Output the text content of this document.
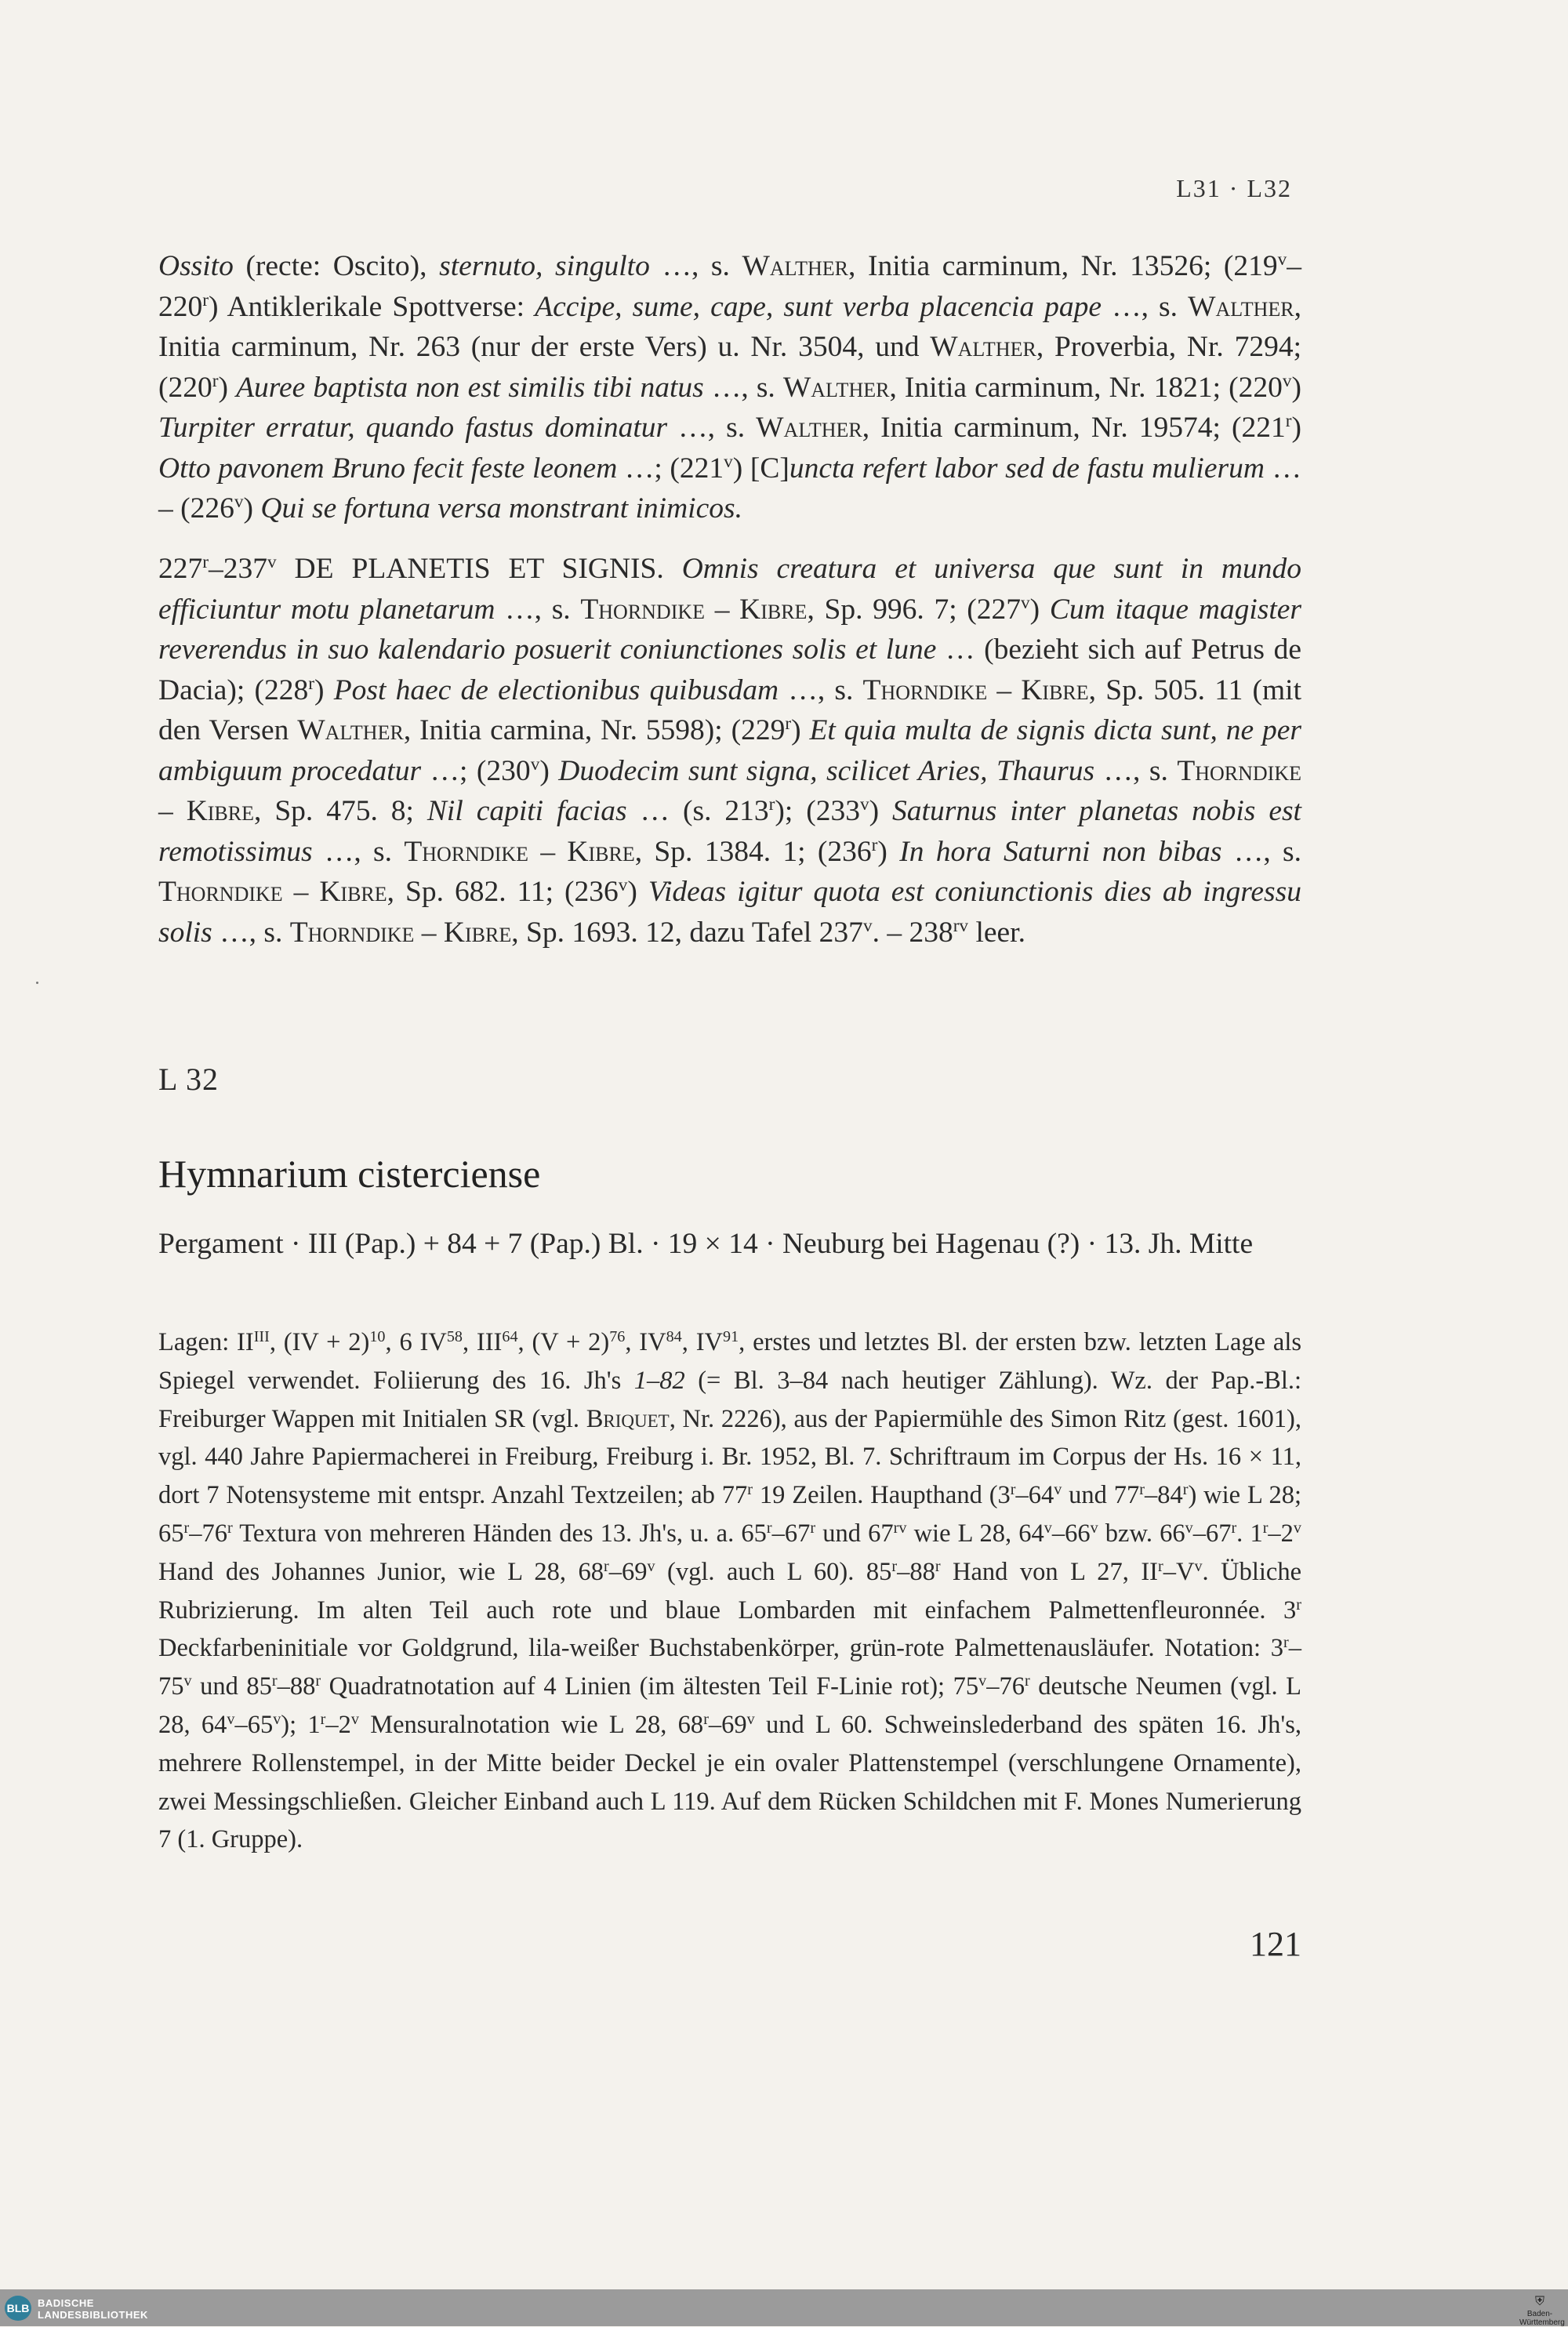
L31 · L32

Ossito (recte: Oscito), sternuto, singulto …, s. Walther, Initia carminum, Nr. 13526; (219$^v$–220$^r$) Antiklerikale Spottverse: Accipe, sume, cape, sunt verba placencia pape …, s. Walther, Initia carminum, Nr. 263 (nur der erste Vers) u. Nr. 3504, und Walther, Proverbia, Nr. 7294; (220$^r$) Auree baptista non est similis tibi natus …, s. Walther, Initia carminum, Nr. 1821; (220$^v$) Turpiter erratur, quando fastus dominatur …, s. Walther, Initia carminum, Nr. 19574; (221$^r$) Otto pavonem Bruno fecit feste leonem …; (221$^v$) [C]uncta refert labor sed de fastu mulierum … – (226$^v$) Qui se fortuna versa monstrant inimicos.

227$^r$–237$^v$ DE PLANETIS ET SIGNIS. Omnis creatura et universa que sunt in mundo efficiuntur motu planetarum …, s. Thorndike – Kibre, Sp. 996. 7; (227$^v$) Cum itaque magister reverendus in suo kalendario posuerit coniunctiones solis et lune … (bezieht sich auf Petrus de Dacia); (228$^r$) Post haec de electionibus quibusdam …, s. Thorndike – Kibre, Sp. 505. 11 (mit den Versen Walther, Initia carmina, Nr. 5598); (229$^r$) Et quia multa de signis dicta sunt, ne per ambiguum procedatur …; (230$^v$) Duodecim sunt signa, scilicet Aries, Thaurus …, s. Thorndike – Kibre, Sp. 475. 8; Nil capiti facias … (s. 213$^r$); (233$^v$) Saturnus inter planetas nobis est remotissimus …, s. Thorndike – Kibre, Sp. 1384. 1; (236$^r$) In hora Saturni non bibas …, s. Thorndike – Kibre, Sp. 682. 11; (236$^v$) Videas igitur quota est coniunctionis dies ab ingressu solis …, s. Thorndike – Kibre, Sp. 1693. 12, dazu Tafel 237$^v$. – $238^{rv}$ leer.

L 32
Hymnarium cisterciense
Pergament · III (Pap.) + 84 + 7 (Pap.) Bl. · 19 × 14 · Neuburg bei Hagenau (?) · 13. Jh. Mitte

Lagen: $II^{III}$, (IV + 2)$^{10}$, 6 IV$^{58}$, III$^{64}$, $(V + 2)^{76}$, IV$^{84}$, IV$^{91}$, erstes und letztes Bl. der ersten bzw. letzten Lage als Spiegel verwendet. Foliierung des 16. Jh's 1–82 (= Bl. 3–84 nach heutiger Zählung). Wz. der Pap.-Bl.: Freiburger Wappen mit Initialen SR (vgl. Briquet, Nr. 2226), aus der Papiermühle des Simon Ritz (gest. 1601), vgl. 440 Jahre Papiermacherei in Freiburg, Freiburg i. Br. 1952, Bl. 7. Schriftraum im Corpus der Hs. 16 × 11, dort 7 Notensysteme mit entspr. Anzahl Textzeilen; ab 77$^r$ 19 Zeilen. Haupthand (3$^r$–64$^v$ und 77$^r$–84$^r$) wie L 28; 65$^r$–76$^r$ Textura von mehreren Händen des 13. Jh's, u. a. 65$^r$–67$^r$ und $67^{rv}$ wie L 28, 64$^v$–66$^v$ bzw. 66$^v$–67$^r$. 1$^r$–2$^v$ Hand des Johannes Junior, wie L 28, 68$^r$–69$^v$ (vgl. auch L 60). 85$^r$–88$^r$ Hand von L 27, $II^r-V^v$. Übliche Rubrizierung. Im alten Teil auch rote und blaue Lombarden mit einfachem Palmettenfleuronnée. 3$^r$ Deckfarbeninitiale vor Goldgrund, lila-weißer Buchstabenkörper, grün-rote Palmettenausläufer. Notation: 3$^r$–75$^v$ und 85$^r$–88$^r$ Quadratnotation auf 4 Linien (im ältesten Teil F-Linie rot); 75$^v$–76$^r$ deutsche Neumen (vgl. L 28, 64$^v$–65$^v$); 1$^r$–2$^v$ Mensuralnotation wie L 28, 68$^r$–69$^v$ und L 60. Schweinslederband des späten 16. Jh's, mehrere Rollenstempel, in der Mitte beider Deckel je ein ovaler Plattenstempel (verschlungene Ornamente), zwei Messingschließen. Gleicher Einband auch L 119. Auf dem Rücken Schildchen mit F. Mones Numerierung 7 (1. Gruppe).

121
BLB BADISCHE
LANDESBIBLIOTHEK
⛨
Baden-Württemberg
